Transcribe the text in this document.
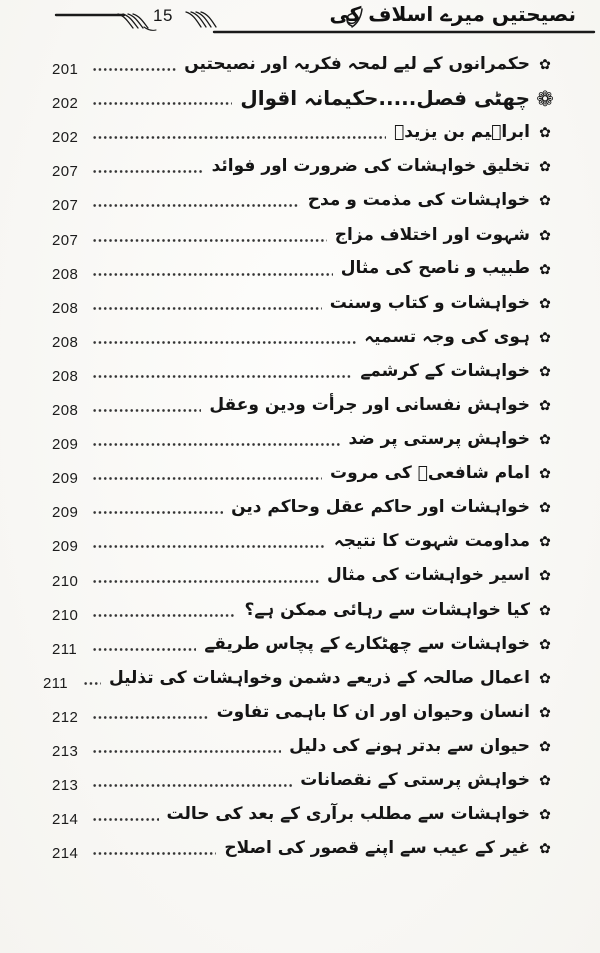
15	نصیحتیں میرے اسلاف کی
✿
حکمرانوں کے لیے لمحہ فکریہ اور نصیحتیں
201
❁
چھٹی فصل.....حکیمانہ اقوال
202
✿
ابراہیم بن یزیدؒ
202
✿
تخلیق خواہشات کی ضرورت اور فوائد
207
✿
خواہشات کی مذمت و مدح
207
✿
شہوت اور اختلاف مزاج
207
✿
طبیب و ناصح کی مثال
208
✿
خواہشات و کتاب وسنت
208
✿
ہوی کی وجہ تسمیہ
208
✿
خواہشات کے کرشمے
208
✿
خواہش نفسانی اور جرأت ودین وعقل
208
✿
خواہش پرستی پر ضد
209
✿
امام شافعیؒ کی مروت
209
✿
خواہشات اور حاکم عقل وحاکم دین
209
✿
مداومت شہوت کا نتیجہ
209
✿
اسیر خواہشات کی مثال
210
✿
کیا خواہشات سے رہائی ممکن ہے؟
210
✿
خواہشات سے چھٹکارے کے پچاس طریقے
211
✿
اعمال صالحہ کے ذریعے دشمن وخواہشات کی تذلیل
211
✿
انسان وحیوان اور ان کا باہمی تفاوت
212
✿
حیوان سے بدتر ہونے کی دلیل
213
✿
خواہش پرستی کے نقصانات
213
✿
خواہشات سے مطلب برآری کے بعد کی حالت
214
✿
غیر کے عیب سے اپنے قصور کی اصلاح
214
